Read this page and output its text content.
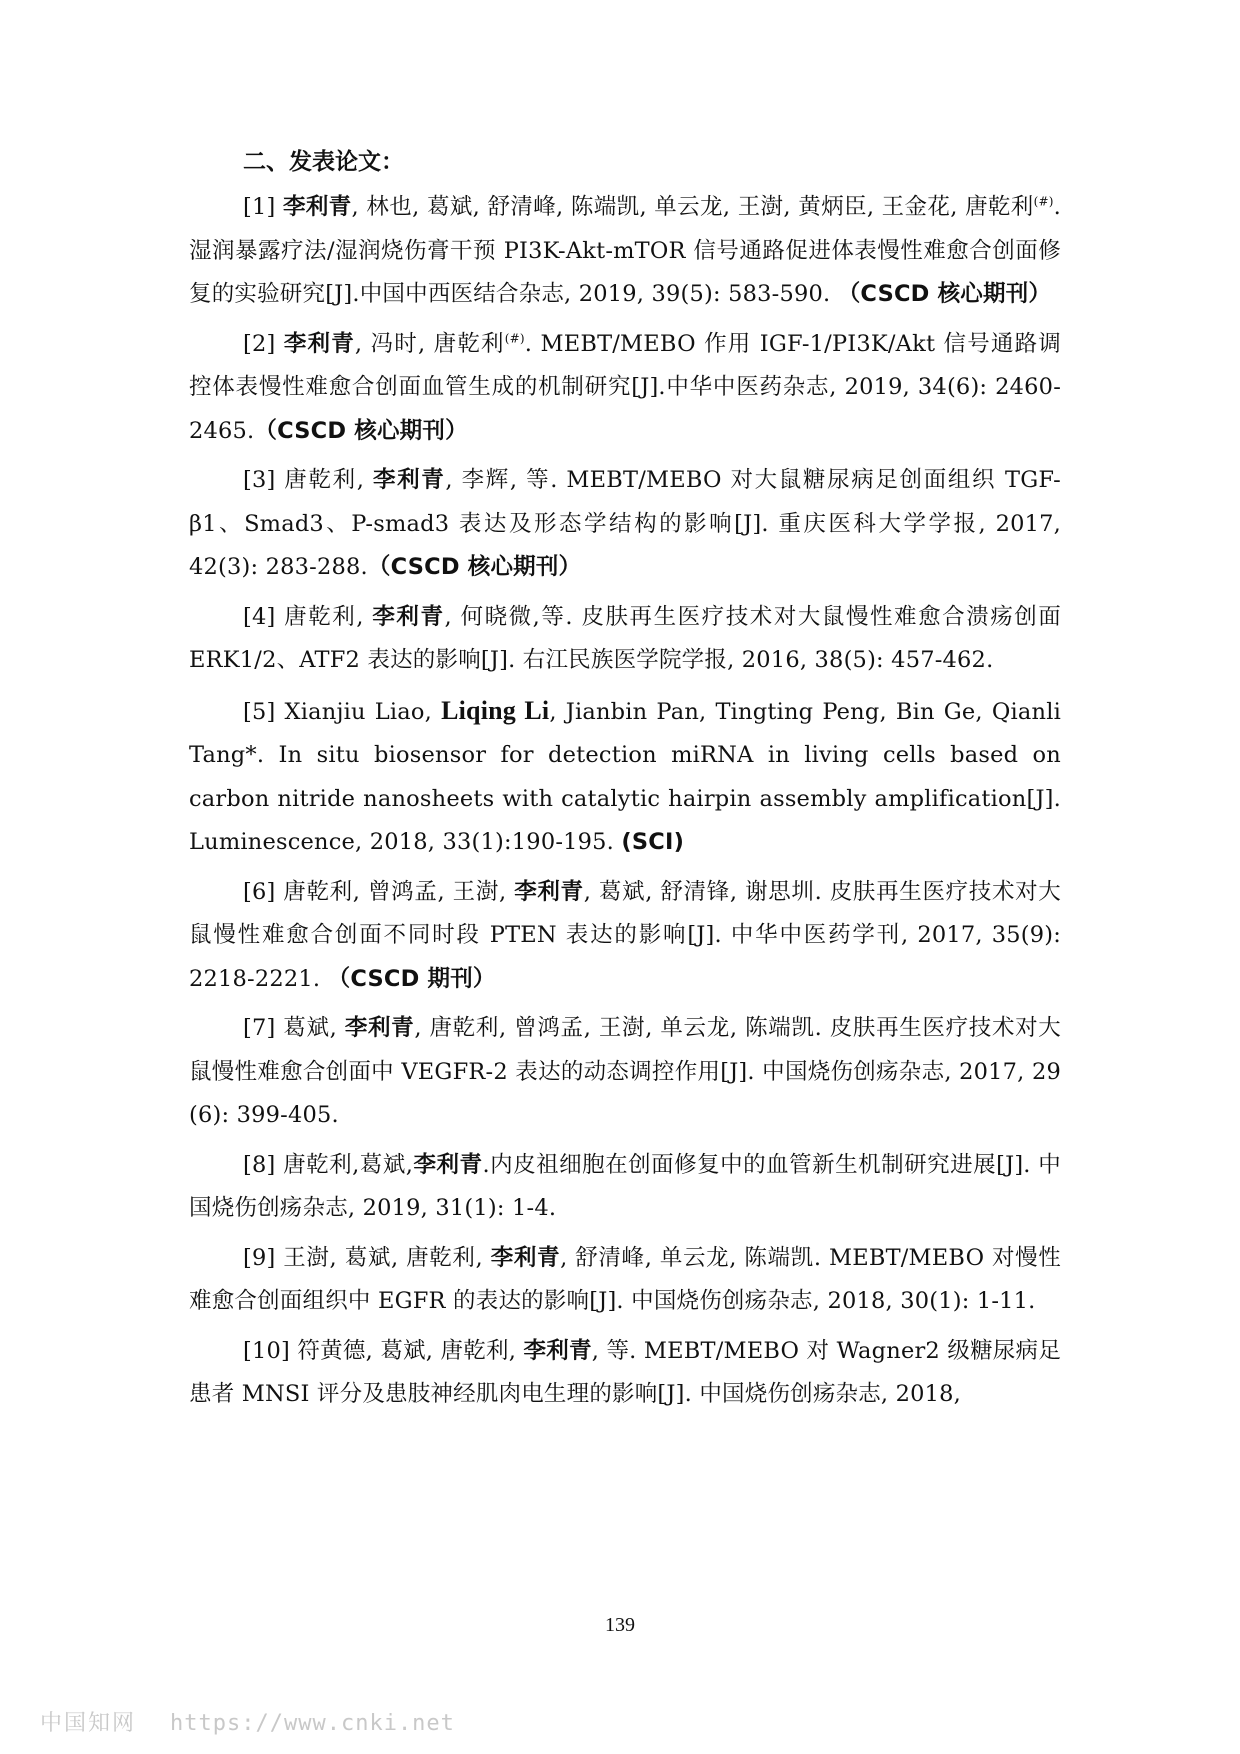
二、发表论文：

[1] 李利青, 林也, 葛斌, 舒清峰, 陈端凯, 单云龙, 王澍, 黄炳臣, 王金花, 唐乾利(#). 湿润暴露疗法/湿润烧伤膏干预 PI3K-Akt-mTOR 信号通路促进体表慢性难愈合创面修复的实验研究[J].中国中西医结合杂志, 2019, 39(5): 583-590. （CSCD 核心期刊）

[2] 李利青, 冯时, 唐乾利(#). MEBT/MEBO 作用 IGF-1/PI3K/Akt 信号通路调控体表慢性难愈合创面血管生成的机制研究[J].中华中医药杂志, 2019, 34(6): 2460-2465.（CSCD 核心期刊）

[3] 唐乾利, 李利青, 李辉, 等. MEBT/MEBO 对大鼠糖尿病足创面组织 TGF-β1、Smad3、P-smad3 表达及形态学结构的影响[J]. 重庆医科大学学报, 2017, 42(3): 283-288.（CSCD 核心期刊）

[4] 唐乾利, 李利青, 何晓微,等. 皮肤再生医疗技术对大鼠慢性难愈合溃疡创面 ERK1/2、ATF2 表达的影响[J]. 右江民族医学院学报, 2016, 38(5): 457-462.

[5] Xianjiu Liao, Liqing Li, Jianbin Pan, Tingting Peng, Bin Ge, Qianli Tang*. In situ biosensor for detection miRNA in living cells based on carbon nitride nanosheets with catalytic hairpin assembly amplification[J]. Luminescence, 2018, 33(1):190-195. (SCI)

[6] 唐乾利, 曾鸿孟, 王澍, 李利青, 葛斌, 舒清锋, 谢思圳. 皮肤再生医疗技术对大鼠慢性难愈合创面不同时段 PTEN 表达的影响[J]. 中华中医药学刊, 2017, 35(9): 2218-2221. （CSCD 期刊）

[7] 葛斌, 李利青, 唐乾利, 曾鸿孟, 王澍, 单云龙, 陈端凯. 皮肤再生医疗技术对大鼠慢性难愈合创面中 VEGFR-2 表达的动态调控作用[J]. 中国烧伤创疡杂志, 2017, 29 (6): 399-405.

[8] 唐乾利,葛斌,李利青.内皮祖细胞在创面修复中的血管新生机制研究进展[J]. 中国烧伤创疡杂志, 2019, 31(1): 1-4.

[9] 王澍, 葛斌, 唐乾利, 李利青, 舒清峰, 单云龙, 陈端凯. MEBT/MEBO 对慢性难愈合创面组织中 EGFR 的表达的影响[J]. 中国烧伤创疡杂志, 2018, 30(1): 1-11.

[10] 符黄德, 葛斌, 唐乾利, 李利青, 等. MEBT/MEBO 对 Wagner2 级糖尿病足患者 MNSI 评分及患肢神经肌肉电生理的影响[J]. 中国烧伤创疡杂志, 2018,

139
中国知网 https://www.cnki.net
